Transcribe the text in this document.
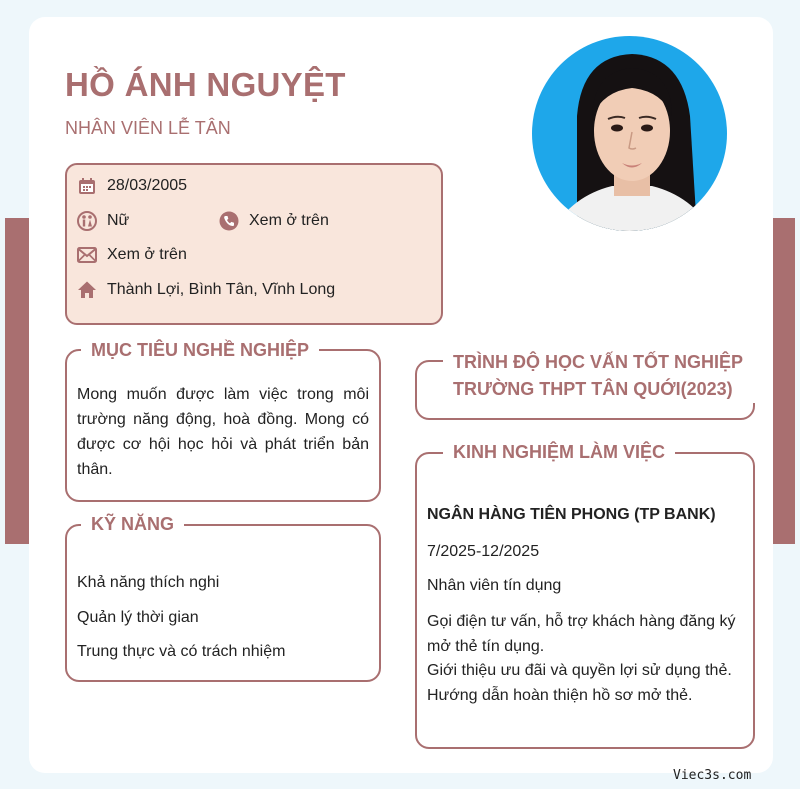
HỒ ÁNH NGUYỆT
NHÂN VIÊN LỄ TÂN
28/03/2005
Nữ	Xem ở trên
Xem ở trên
Thành Lợi, Bình Tân, Vĩnh Long
MỤC TIÊU NGHỀ NGHIỆP
Mong muốn được làm việc trong môi trường năng động, hoà đồng. Mong có được cơ hội học hỏi và phát triển bản thân.
KỸ NĂNG
Khả năng thích nghi
Quản lý thời gian
Trung thực và có trách nhiệm
TRÌNH ĐỘ HỌC VẤN TỐT NGHIỆP
TRƯỜNG THPT TÂN QUỚI(2023)
KINH NGHIỆM LÀM VIỆC
NGÂN HÀNG TIÊN PHONG (TP BANK)
7/2025-12/2025
Nhân viên tín dụng
Gọi điện tư vấn, hỗ trợ khách hàng đăng ký mở thẻ tín dụng.
Giới thiệu ưu đãi và quyền lợi sử dụng thẻ.
Hướng dẫn hoàn thiện hồ sơ mở thẻ.
Viec3s.com
